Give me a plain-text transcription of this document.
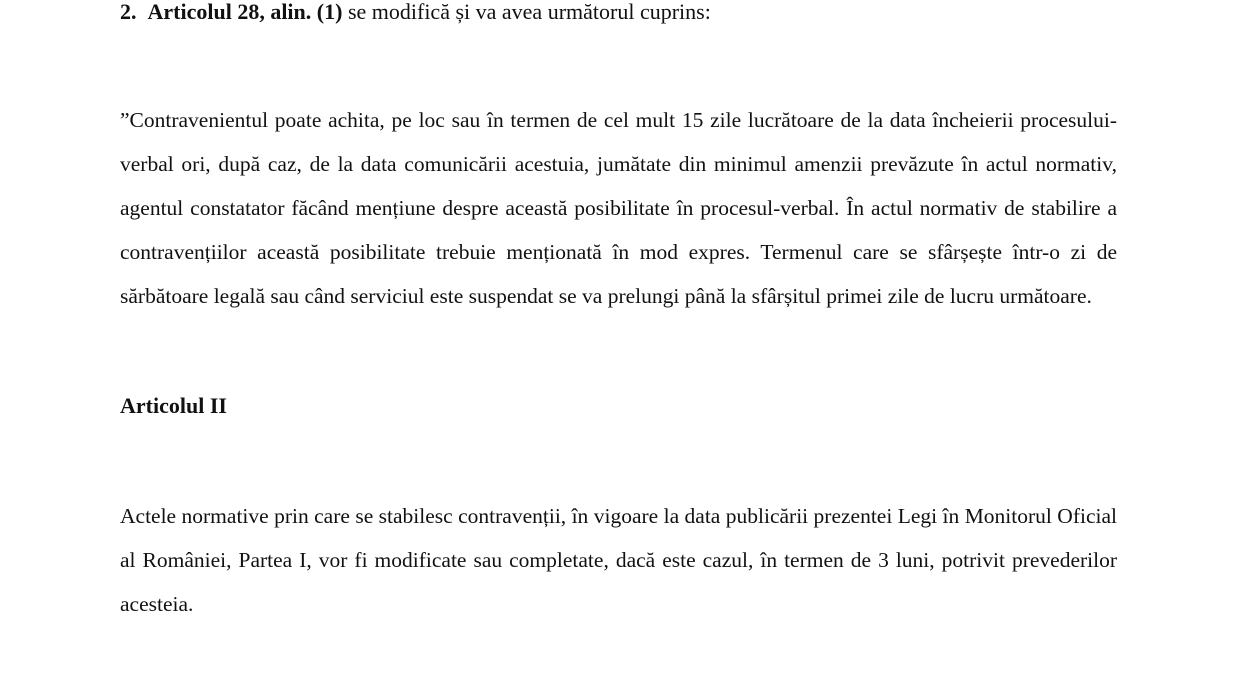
2. Articolul 28, alin. (1) se modifică și va avea următorul cuprins:

”Contravenientul poate achita, pe loc sau în termen de cel mult 15 zile lucrătoare de la data încheierii procesului-verbal ori, după caz, de la data comunicării acestuia, jumătate din minimul amenzii prevăzute în actul normativ, agentul constatator făcând mențiune despre această posibilitate în procesul-verbal. În actul normativ de stabilire a contravențiilor această posibilitate trebuie menționată în mod expres. Termenul care se sfârșește într-o zi de sărbătoare legală sau când serviciul este suspendat se va prelungi până la sfârșitul primei zile de lucru următoare.

Articolul II

Actele normative prin care se stabilesc contravenții, în vigoare la data publicării prezentei Legi în Monitorul Oficial al României, Partea I, vor fi modificate sau completate, dacă este cazul, în termen de 3 luni, potrivit prevederilor acesteia.
